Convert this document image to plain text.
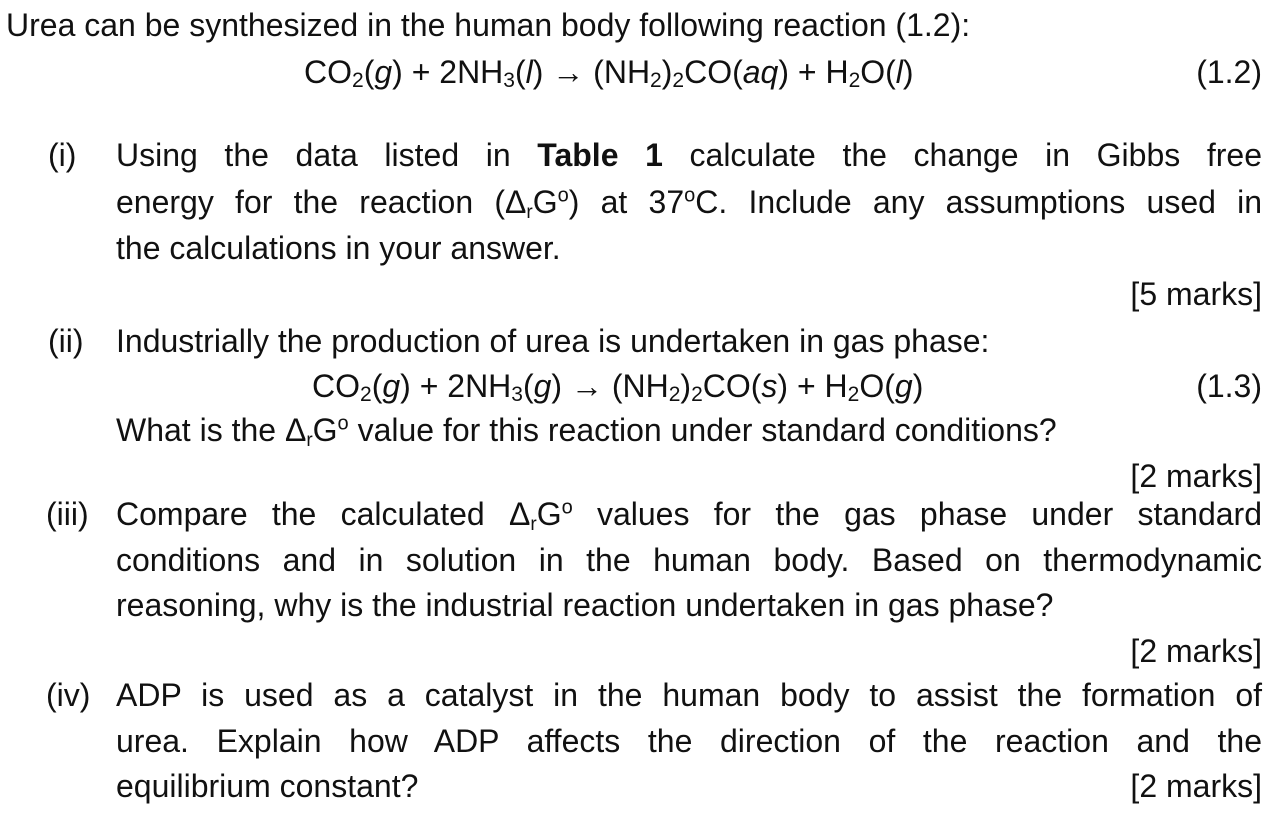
Urea can be synthesized in the human body following reaction (1.2):
CO2(g) + 2NH3(l) → (NH2)2CO(aq) + H2O(l)	(1.2)
(i) Using the data listed in Table 1 calculate the change in Gibbs free
energy for the reaction (ΔrG$^o$) at 37$^o$C. Include any assumptions used in
the calculations in your answer.
[5 marks]
(ii) Industrially the production of urea is undertaken in gas phase:
CO2(g) + 2NH3(g) → (NH2)2CO(s) + H2O(g)	(1.3)
What is the ΔrG$^o$ value for this reaction under standard conditions?
[2 marks]
(iii) Compare the calculated ΔrG$^o$ values for the gas phase under standard
conditions and in solution in the human body. Based on thermodynamic
reasoning, why is the industrial reaction undertaken in gas phase?
[2 marks]
(iv) ADP is used as a catalyst in the human body to assist the formation of
urea. Explain how ADP affects the direction of the reaction and the
equilibrium constant?	[2 marks]
